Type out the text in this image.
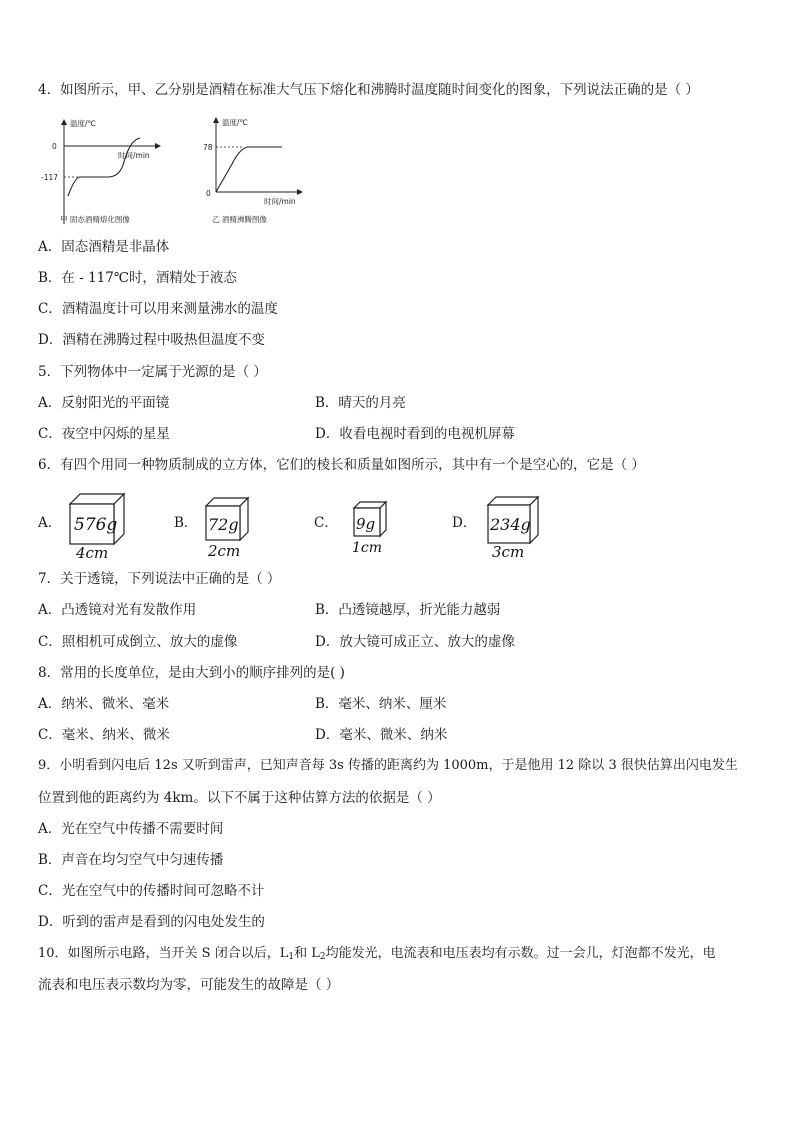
4．如图所示，甲、乙分别是酒精在标准大气压下熔化和沸腾时温度随时间变化的图象，下列说法正确的是（ ）
温度/℃
时间/min
0
-117
甲 固态酒精熔化图像
温度/℃
时间/min
0
78
乙 酒精沸腾图像
A．固态酒精是非晶体
B．在 - 117℃时，酒精处于液态
C．酒精温度计可以用来测量沸水的温度
D．酒精在沸腾过程中吸热但温度不变
5．下列物体中一定属于光源的是（ ）
A．反射阳光的平面镜	B．晴天的月亮
C．夜空中闪烁的星星	D．收看电视时看到的电视机屏幕
6．有四个用同一种物质制成的立方体，它们的棱长和质量如图所示，其中有一个是空心的，它是（ ）
A． 576g
4cm
B． 72g
2cm
C． 9g
1cm
D． 234g
3cm
7．关于透镜，下列说法中正确的是（ ）
A．凸透镜对光有发散作用	B．凸透镜越厚，折光能力越弱
C．照相机可成倒立、放大的虚像	D．放大镜可成正立、放大的虚像
8．常用的长度单位，是由大到小的顺序排列的是( )
A．纳米、微米、毫米	B．毫米、纳米、厘米
C．毫米、纳米、微米	D．毫米、微米、纳米
9．小明看到闪电后 12s 又听到雷声，已知声音每 3s 传播的距离约为 1000m，于是他用 12 除以 3 很快估算出闪电发生
位置到他的距离约为 4km。以下不属于这种估算方法的依据是（ ）
A．光在空气中传播不需要时间
B．声音在均匀空气中匀速传播
C．光在空气中的传播时间可忽略不计
D．听到的雷声是看到的闪电处发生的
10．如图所示电路，当开关 S 闭合以后，$L_1$和 $L_2$均能发光，电流表和电压表均有示数。过一会儿，灯泡都不发光，电
流表和电压表示数均为零，可能发生的故障是（ ）
